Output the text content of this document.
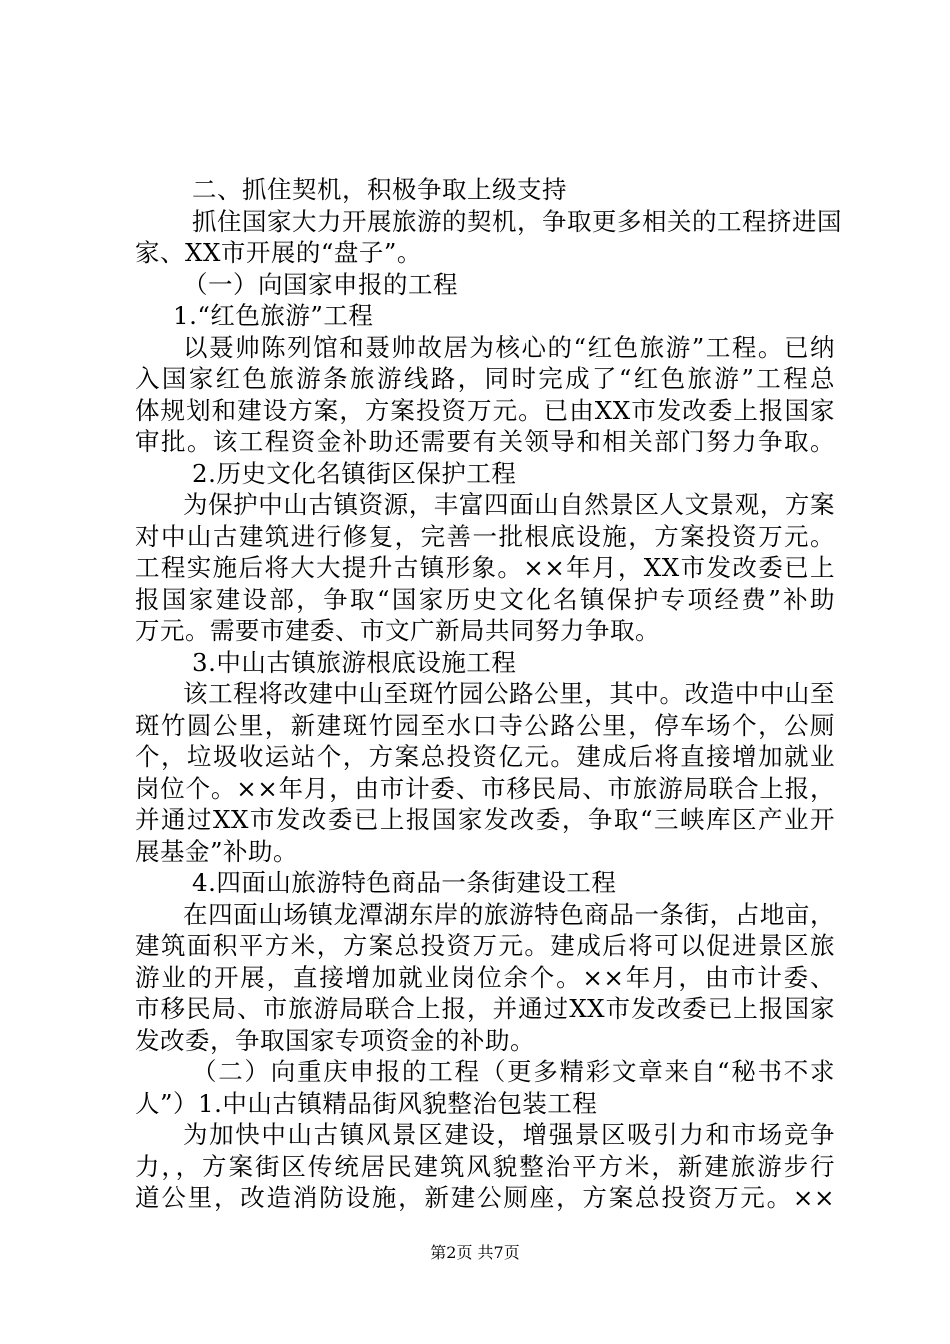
二、抓住契机，积极争取上级支持
抓住国家大力开展旅游的契机，争取更多相关的工程挤进国
家、XX市开展的“盘子”。
（一）向国家申报的工程
1.“红色旅游”工程
以聂帅陈列馆和聂帅故居为核心的“红色旅游”工程。已纳
入国家红色旅游条旅游线路，同时完成了“红色旅游”工程总
体规划和建设方案，方案投资万元。已由XX市发改委上报国家
审批。该工程资金补助还需要有关领导和相关部门努力争取。
2.历史文化名镇街区保护工程
为保护中山古镇资源，丰富四面山自然景区人文景观，方案
对中山古建筑进行修复，完善一批根底设施，方案投资万元。
工程实施后将大大提升古镇形象。××年月，XX市发改委已上
报国家建设部，争取“国家历史文化名镇保护专项经费”补助
万元。需要市建委、市文广新局共同努力争取。
3.中山古镇旅游根底设施工程
该工程将改建中山至斑竹园公路公里，其中。改造中中山至
斑竹圆公里，新建斑竹园至水口寺公路公里，停车场个，公厕
个，垃圾收运站个，方案总投资亿元。建成后将直接增加就业
岗位个。××年月，由市计委、市移民局、市旅游局联合上报，
并通过XX市发改委已上报国家发改委，争取“三峡库区产业开
展基金”补助。
4.四面山旅游特色商品一条街建设工程
在四面山场镇龙潭湖东岸的旅游特色商品一条街，占地亩，
建筑面积平方米，方案总投资万元。建成后将可以促进景区旅
游业的开展，直接增加就业岗位余个。××年月，由市计委、
市移民局、市旅游局联合上报，并通过XX市发改委已上报国家
发改委，争取国家专项资金的补助。
（二）向重庆申报的工程（更多精彩文章来自“秘书不求
人”）1.中山古镇精品街风貌整治包装工程
为加快中山古镇风景区建设，增强景区吸引力和市场竞争
力，，方案街区传统居民建筑风貌整治平方米，新建旅游步行
道公里，改造消防设施，新建公厕座，方案总投资万元。××
第2页 共7页
